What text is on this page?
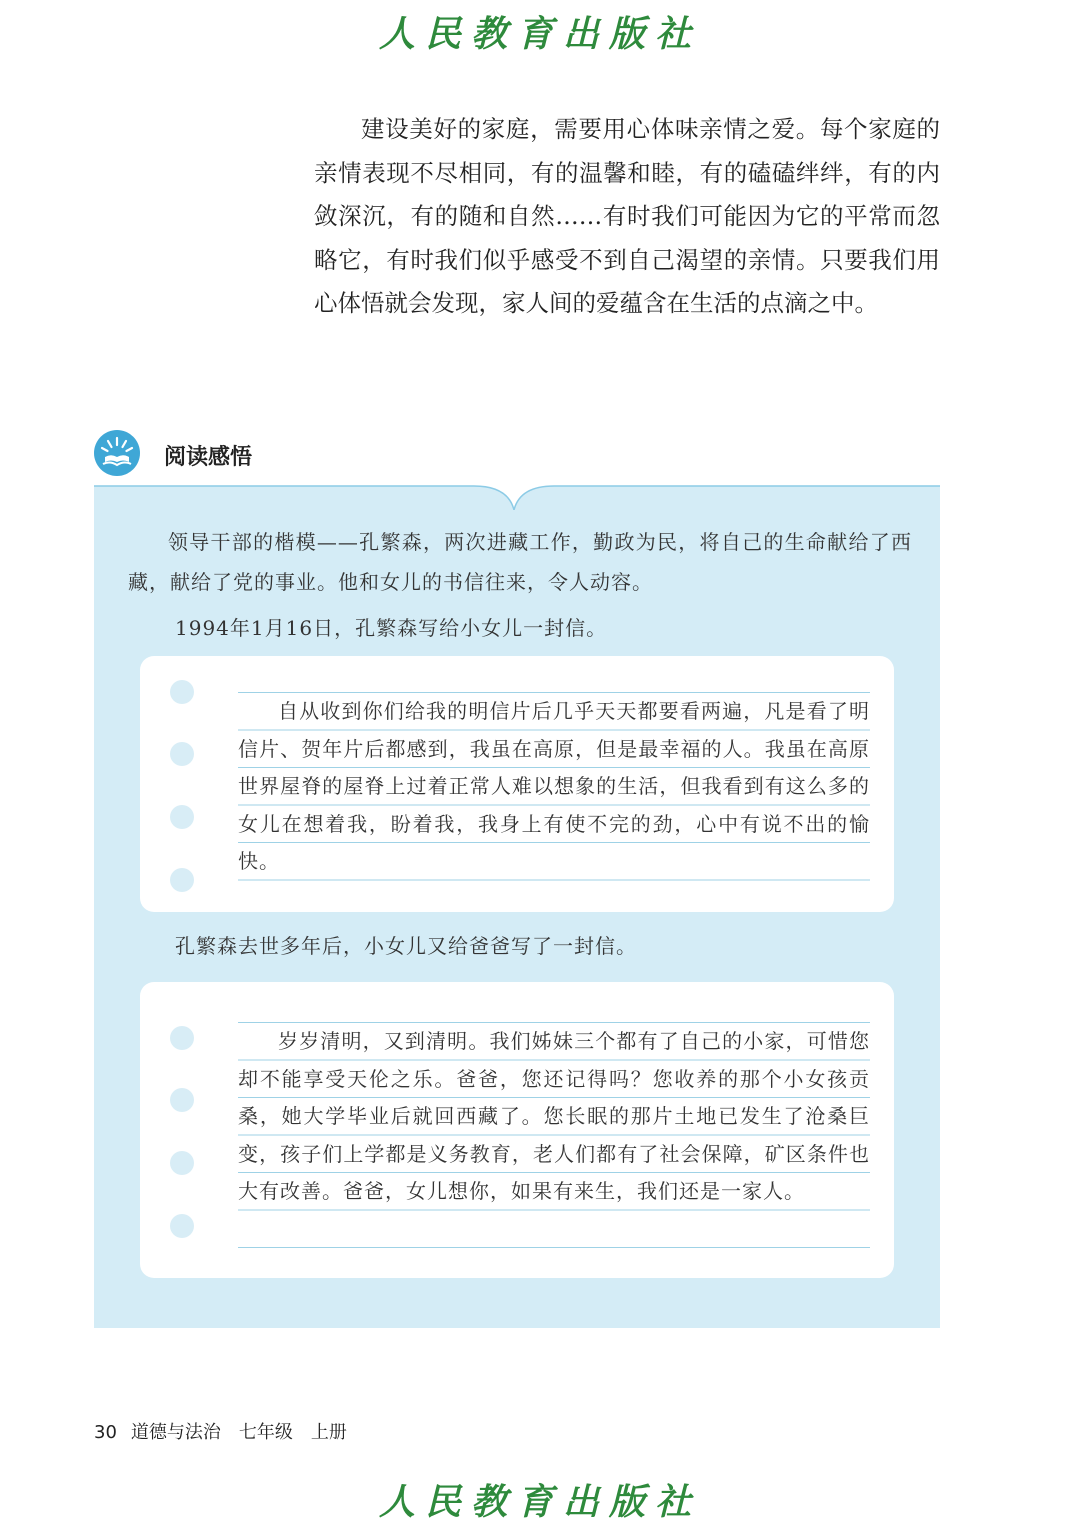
人民教育出版社
建设美好的家庭，需要用心体味亲情之爱。每个家庭的亲情表现不尽相同，有的温馨和睦，有的磕磕绊绊，有的内敛深沉，有的随和自然……有时我们可能因为它的平常而忽略它，有时我们似乎感受不到自己渴望的亲情。只要我们用心体悟就会发现，家人间的爱蕴含在生活的点滴之中。
阅读感悟
领导干部的楷模——孔繁森，两次进藏工作，勤政为民，将自己的生命献给了西藏，献给了党的事业。他和女儿的书信往来，令人动容。
1994年1月16日，孔繁森写给小女儿一封信。
自从收到你们给我的明信片后几乎天天都要看两遍，凡是看了明信片、贺年片后都感到，我虽在高原，但是最幸福的人。我虽在高原世界屋脊的屋脊上过着正常人难以想象的生活，但我看到有这么多的女儿在想着我，盼着我，我身上有使不完的劲，心中有说不出的愉快。
孔繁森去世多年后，小女儿又给爸爸写了一封信。
岁岁清明，又到清明。我们姊妹三个都有了自己的小家，可惜您却不能享受天伦之乐。爸爸，您还记得吗？您收养的那个小女孩贡桑，她大学毕业后就回西藏了。您长眠的那片土地已发生了沧桑巨变，孩子们上学都是义务教育，老人们都有了社会保障，矿区条件也大有改善。爸爸，女儿想你，如果有来生，我们还是一家人。
30 道德与法治　七年级　上册
人民教育出版社
